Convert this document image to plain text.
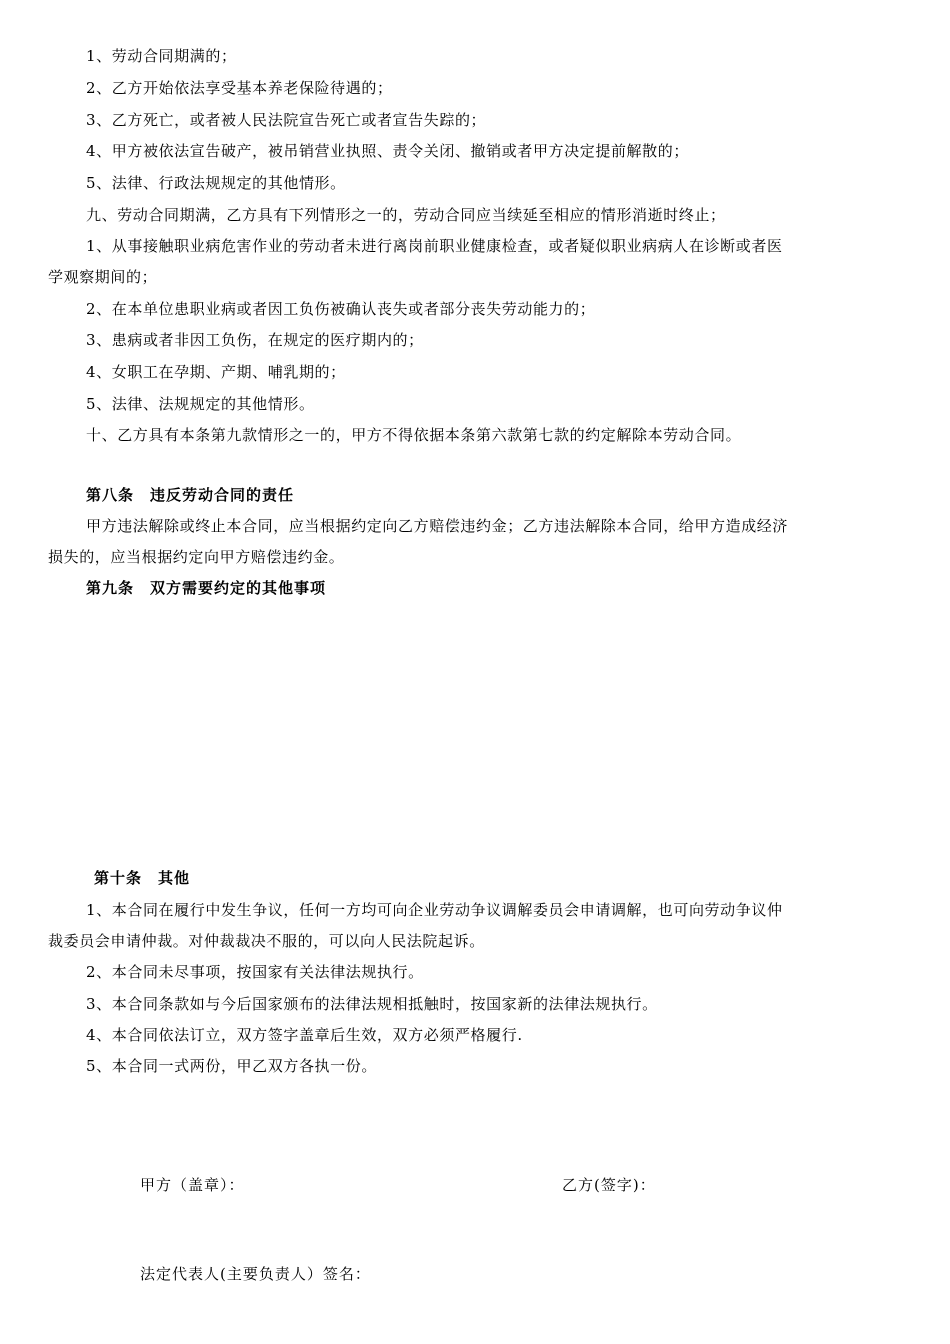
1、劳动合同期满的；
2、乙方开始依法享受基本养老保险待遇的；
3、乙方死亡，或者被人民法院宣告死亡或者宣告失踪的；
4、甲方被依法宣告破产，被吊销营业执照、责令关闭、撤销或者甲方决定提前解散的；
5、法律、行政法规规定的其他情形。
九、劳动合同期满，乙方具有下列情形之一的，劳动合同应当续延至相应的情形消逝时终止；
1、从事接触职业病危害作业的劳动者未进行离岗前职业健康检查，或者疑似职业病病人在诊断或者医
学观察期间的；
2、在本单位患职业病或者因工负伤被确认丧失或者部分丧失劳动能力的；
3、患病或者非因工负伤，在规定的医疗期内的；
4、女职工在孕期、产期、哺乳期的；
5、法律、法规规定的其他情形。
十、乙方具有本条第九款情形之一的，甲方不得依据本条第六款第七款的约定解除本劳动合同。
第八条　违反劳动合同的责任
甲方违法解除或终止本合同，应当根据约定向乙方赔偿违约金；乙方违法解除本合同，给甲方造成经济
损失的，应当根据约定向甲方赔偿违约金。
第九条　双方需要约定的其他事项
第十条　其他
1、本合同在履行中发生争议，任何一方均可向企业劳动争议调解委员会申请调解，也可向劳动争议仲
裁委员会申请仲裁。对仲裁裁决不服的，可以向人民法院起诉。
2、本合同未尽事项，按国家有关法律法规执行。
3、本合同条款如与今后国家颁布的法律法规相抵触时，按国家新的法律法规执行。
4、本合同依法订立，双方签字盖章后生效，双方必须严格履行.
5、本合同一式两份，甲乙双方各执一份。
甲方（盖章）：	乙方(签字)：
法定代表人(主要负责人）签名：
